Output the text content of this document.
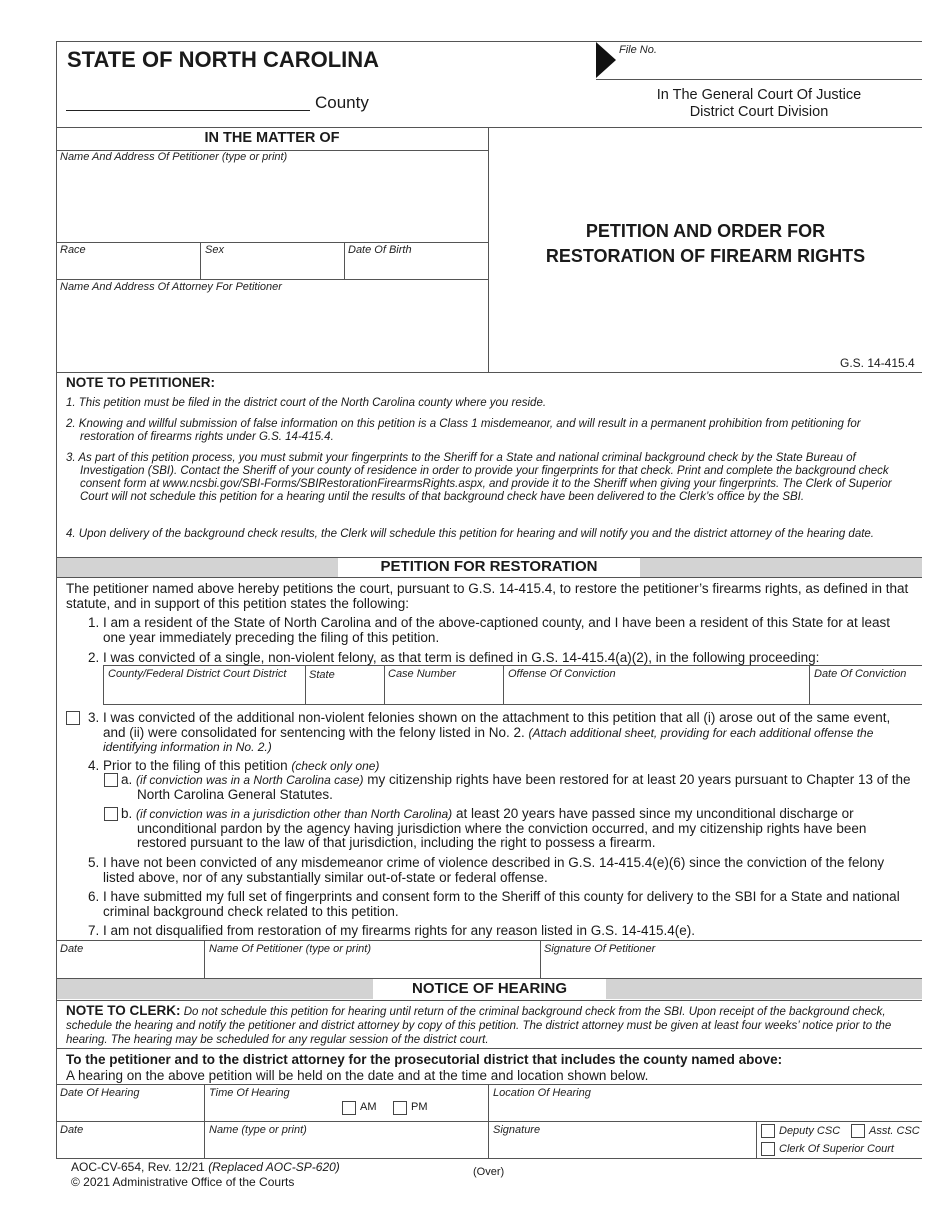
STATE OF NORTH CAROLINA	File No.
County	In The General Court Of Justice
District Court Division
IN THE MATTER OF
Name And Address Of Petitioner (type or print)
Race	Sex	Date Of Birth
Name And Address Of Attorney For Petitioner
PETITION AND ORDER FOR
RESTORATION OF FIREARM RIGHTS
G.S. 14-415.4
NOTE TO PETITIONER:
1. This petition must be filed in the district court of the North Carolina county where you reside.
2. Knowing and willful submission of false information on this petition is a Class 1 misdemeanor, and will result in a permanent prohibition from petitioning for restoration of firearms rights under G.S. 14-415.4.
3. As part of this petition process, you must submit your fingerprints to the Sheriff for a State and national criminal background check by the State Bureau of Investigation (SBI). Contact the Sheriff of your county of residence in order to provide your fingerprints for that check. Print and complete the background check consent form at www.ncsbi.gov/SBI-Forms/SBIRestorationFirearmsRights.aspx, and provide it to the Sheriff when giving your fingerprints. The Clerk of Superior Court will not schedule this petition for a hearing until the results of that background check have been delivered to the Clerk’s office by the SBI.
4. Upon delivery of the background check results, the Clerk will schedule this petition for hearing and will notify you and the district attorney of the hearing date.
PETITION FOR RESTORATION
The petitioner named above hereby petitions the court, pursuant to G.S. 14-415.4, to restore the petitioner’s firearms rights, as defined in that statute, and in support of this petition states the following:
1. I am a resident of the State of North Carolina and of the above-captioned county, and I have been a resident of this State for at least one year immediately preceding the filing of this petition.
2. I was convicted of a single, non-violent felony, as that term is defined in G.S. 14-415.4(a)(2), in the following proceeding:
County/Federal District Court District State	Case Number	Offense Of Conviction	Date Of Conviction
3. I was convicted of the additional non-violent felonies shown on the attachment to this petition that all (i) arose out of the same event, and (ii) were consolidated for sentencing with the felony listed in No. 2. (Attach additional sheet, providing for each additional offense the identifying information in No. 2.)
4. Prior to the filing of this petition (check only one)
a. (if conviction was in a North Carolina case) my citizenship rights have been restored for at least 20 years pursuant to Chapter 13 of the North Carolina General Statutes.
b. (if conviction was in a jurisdiction other than North Carolina) at least 20 years have passed since my unconditional discharge or unconditional pardon by the agency having jurisdiction where the conviction occurred, and my citizenship rights have been restored pursuant to the law of that jurisdiction, including the right to possess a firearm.
5. I have not been convicted of any misdemeanor crime of violence described in G.S. 14-415.4(e)(6) since the conviction of the felony listed above, nor of any substantially similar out-of-state or federal offense.
6. I have submitted my full set of fingerprints and consent form to the Sheriff of this county for delivery to the SBI for a State and national criminal background check related to this petition.
7. I am not disqualified from restoration of my firearms rights for any reason listed in G.S. 14-415.4(e).
Date	Name Of Petitioner (type or print)	Signature Of Petitioner
NOTICE OF HEARING
NOTE TO CLERK: Do not schedule this petition for hearing until return of the criminal background check from the SBI. Upon receipt of the background check, schedule the hearing and notify the petitioner and district attorney by copy of this petition. The district attorney must be given at least four weeks’ notice prior to the hearing. The hearing may be scheduled for any regular session of the district court.
To the petitioner and to the district attorney for the prosecutorial district that includes the county named above:
A hearing on the above petition will be held on the date and at the time and location shown below.
Date Of Hearing	Time Of Hearing	Location Of Hearing
AM	PM
Date	Name (type or print)	Signature	Deputy CSC	Asst. CSC
Clerk Of Superior Court
AOC-CV-654, Rev. 12/21 (Replaced AOC-SP-620)
© 2021 Administrative Office of the Courts
(Over)
